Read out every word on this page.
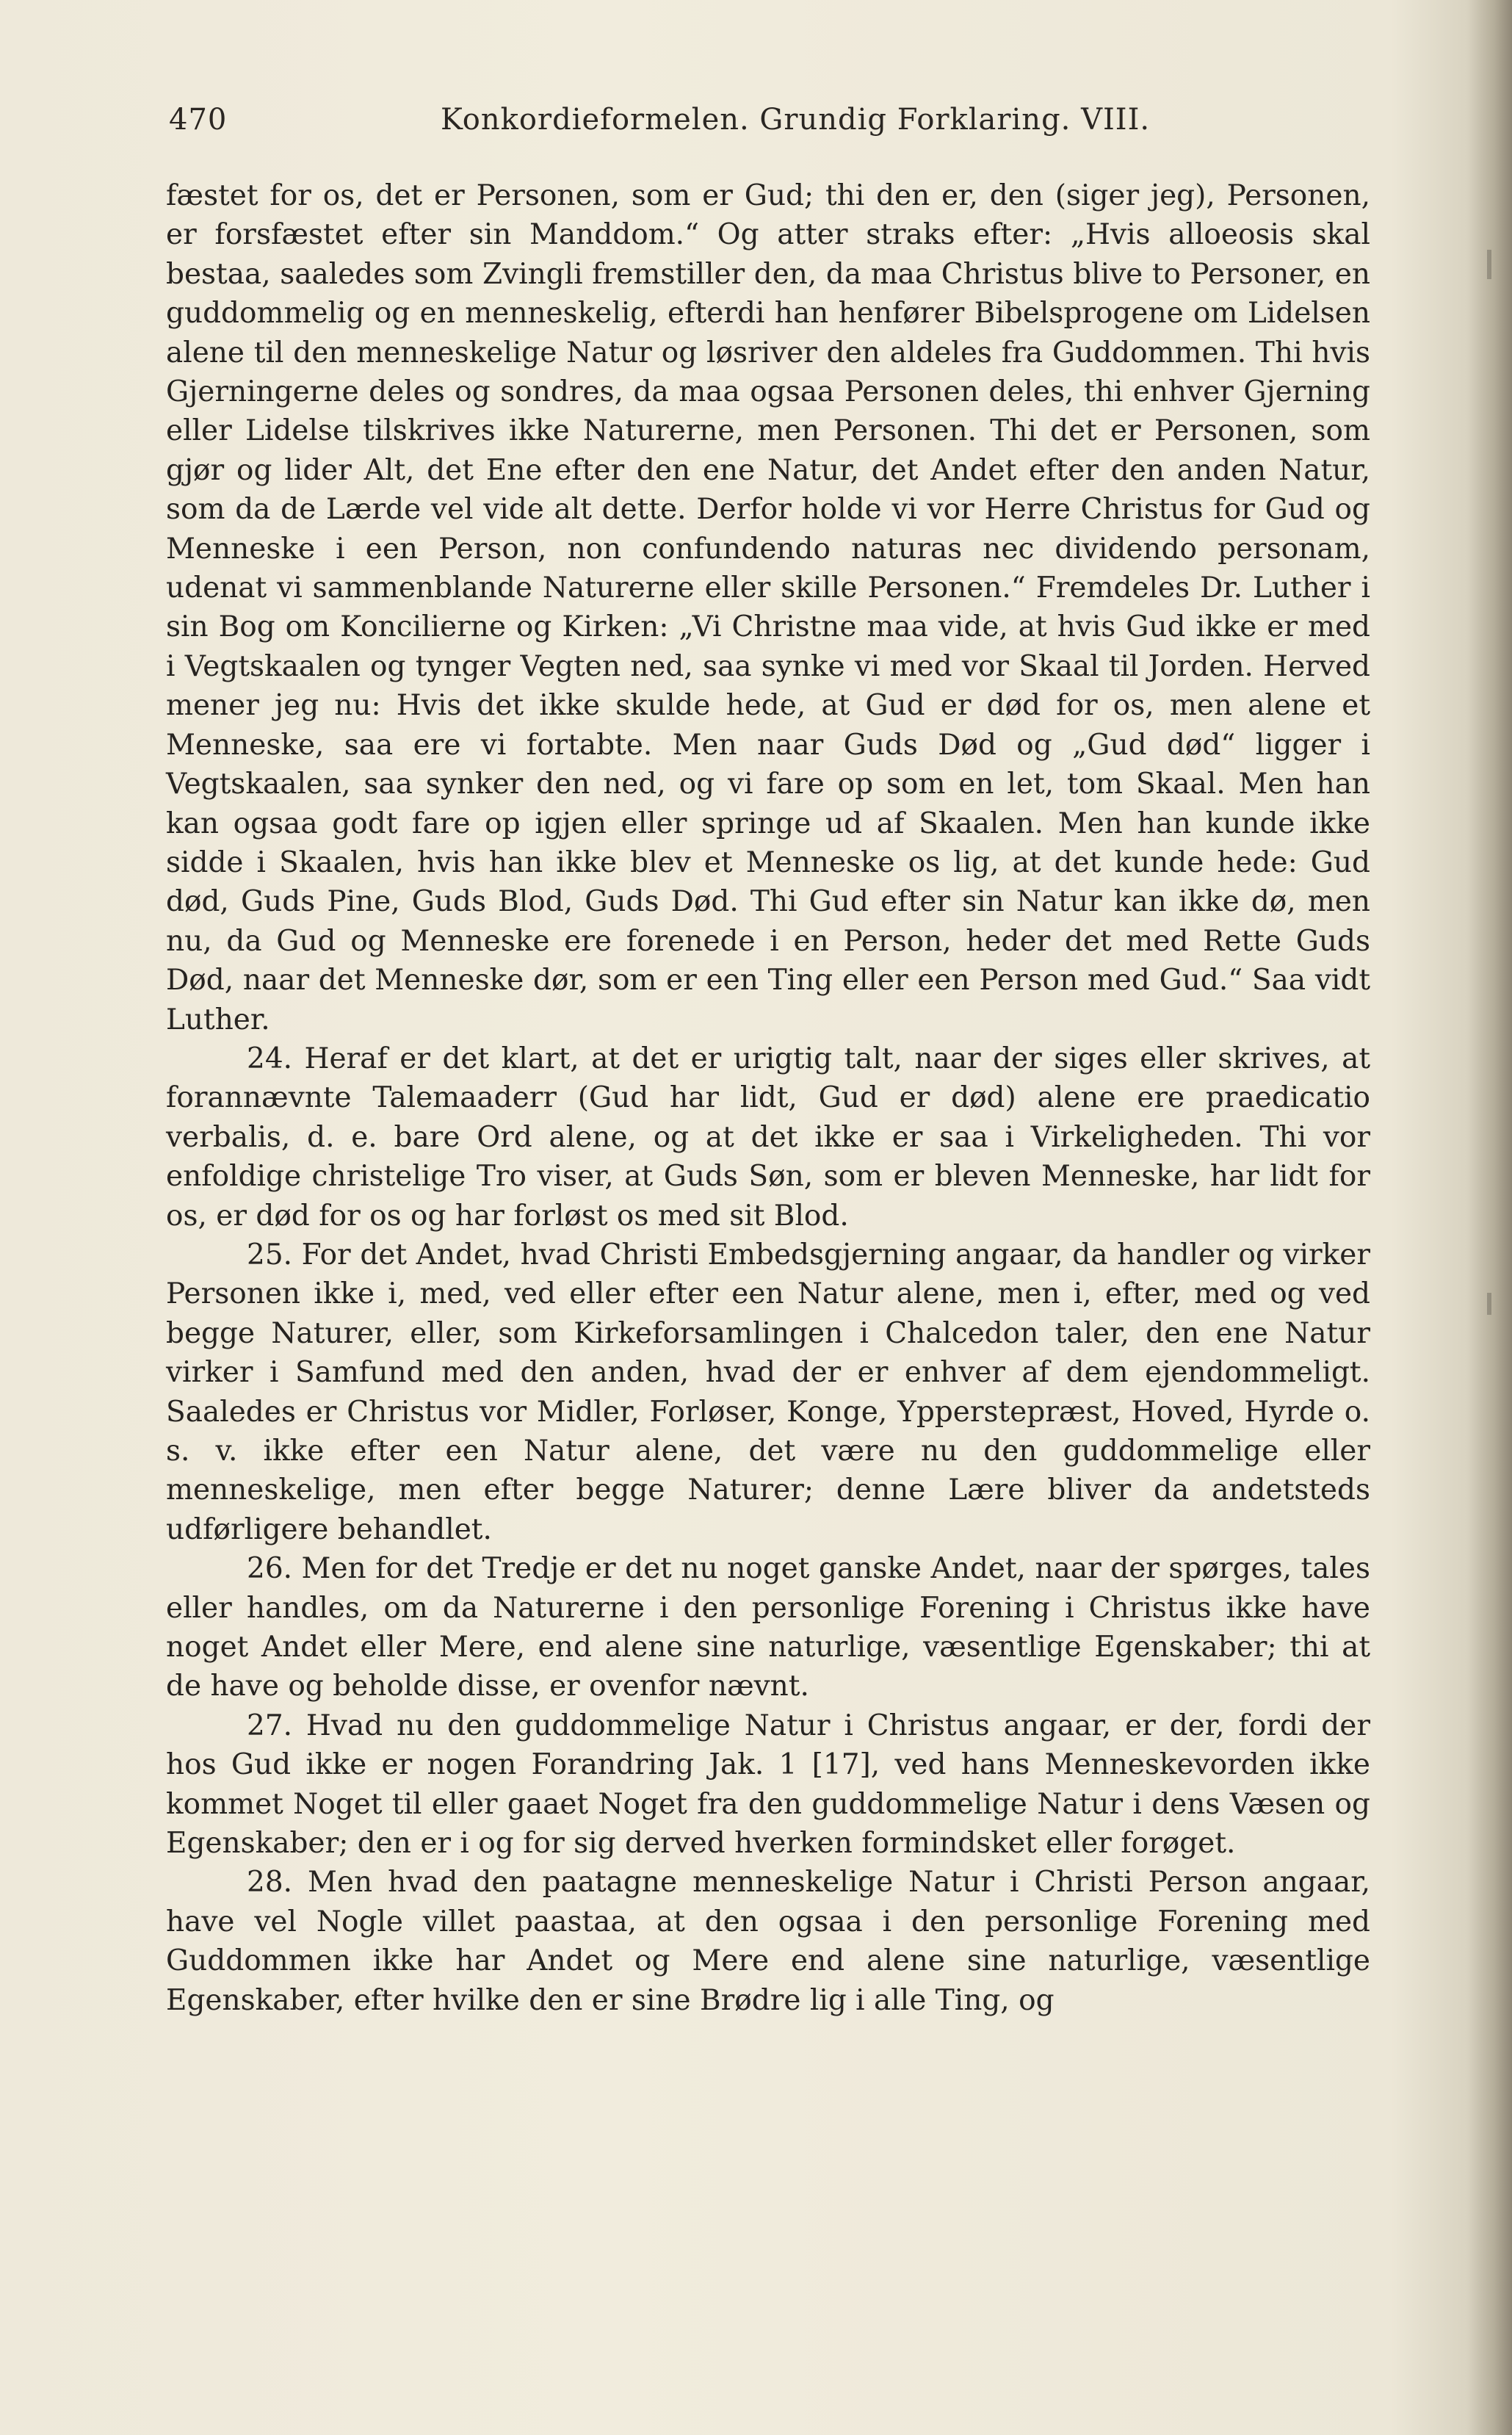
470	Konkordieformelen. Grundig Forklaring. VIII.

fæstet for os, det er Personen, som er Gud; thi den er, den (siger jeg), Personen, er forsfæstet efter sin Manddom.“ Og atter straks efter: „Hvis alloeosis skal bestaa, saaledes som Zvingli fremstiller den, da maa Christus blive to Personer, en guddommelig og en menneskelig, efterdi han henfører Bibelsprogene om Lidelsen alene til den menneskelige Natur og løsriver den aldeles fra Guddommen. Thi hvis Gjerningerne deles og sondres, da maa ogsaa Personen deles, thi enhver Gjerning eller Lidelse tilskrives ikke Naturerne, men Personen. Thi det er Personen, som gjør og lider Alt, det Ene efter den ene Natur, det Andet efter den anden Natur, som da de Lærde vel vide alt dette. Derfor holde vi vor Herre Christus for Gud og Menneske i een Person, non confundendo naturas nec dividendo personam, udenat vi sammenblande Naturerne eller skille Personen.“ Fremdeles Dr. Luther i sin Bog om Koncilierne og Kirken: „Vi Christne maa vide, at hvis Gud ikke er med i Vegtskaalen og tynger Vegten ned, saa synke vi med vor Skaal til Jorden. Herved mener jeg nu: Hvis det ikke skulde hede, at Gud er død for os, men alene et Menneske, saa ere vi fortabte. Men naar Guds Død og „Gud død“ ligger i Vegtskaalen, saa synker den ned, og vi fare op som en let, tom Skaal. Men han kan ogsaa godt fare op igjen eller springe ud af Skaalen. Men han kunde ikke sidde i Skaalen, hvis han ikke blev et Menneske os lig, at det kunde hede: Gud død, Guds Pine, Guds Blod, Guds Død. Thi Gud efter sin Natur kan ikke dø, men nu, da Gud og Menneske ere forenede i en Person, heder det med Rette Guds Død, naar det Menneske dør, som er een Ting eller een Person med Gud.“ Saa vidt Luther.

24. Heraf er det klart, at det er urigtig talt, naar der siges eller skrives, at forannævnte Talemaaderr (Gud har lidt, Gud er død) alene ere praedicatio verbalis, d. e. bare Ord alene, og at det ikke er saa i Virkeligheden. Thi vor enfoldige christelige Tro viser, at Guds Søn, som er bleven Menneske, har lidt for os, er død for os og har forløst os med sit Blod.

25. For det Andet, hvad Christi Embedsgjerning angaar, da handler og virker Personen ikke i, med, ved eller efter een Natur alene, men i, efter, med og ved begge Naturer, eller, som Kirkeforsamlingen i Chalcedon taler, den ene Natur virker i Samfund med den anden, hvad der er enhver af dem ejendommeligt. Saaledes er Christus vor Midler, Forløser, Konge, Ypperstepræst, Hoved, Hyrde o. s. v. ikke efter een Natur alene, det være nu den guddommelige eller menneskelige, men efter begge Naturer; denne Lære bliver da andetsteds udførligere behandlet.

26. Men for det Tredje er det nu noget ganske Andet, naar der spørges, tales eller handles, om da Naturerne i den personlige Forening i Christus ikke have noget Andet eller Mere, end alene sine naturlige, væsentlige Egenskaber; thi at de have og beholde disse, er ovenfor nævnt.

27. Hvad nu den guddommelige Natur i Christus angaar, er der, fordi der hos Gud ikke er nogen Forandring Jak. 1 [17], ved hans Menneskevorden ikke kommet Noget til eller gaaet Noget fra den guddommelige Natur i dens Væsen og Egenskaber; den er i og for sig derved hverken formindsket eller forøget.

28. Men hvad den paatagne menneskelige Natur i Christi Person angaar, have vel Nogle villet paastaa, at den ogsaa i den personlige Forening med Guddommen ikke har Andet og Mere end alene sine naturlige, væsentlige Egenskaber, efter hvilke den er sine Brødre lig i alle Ting, og
